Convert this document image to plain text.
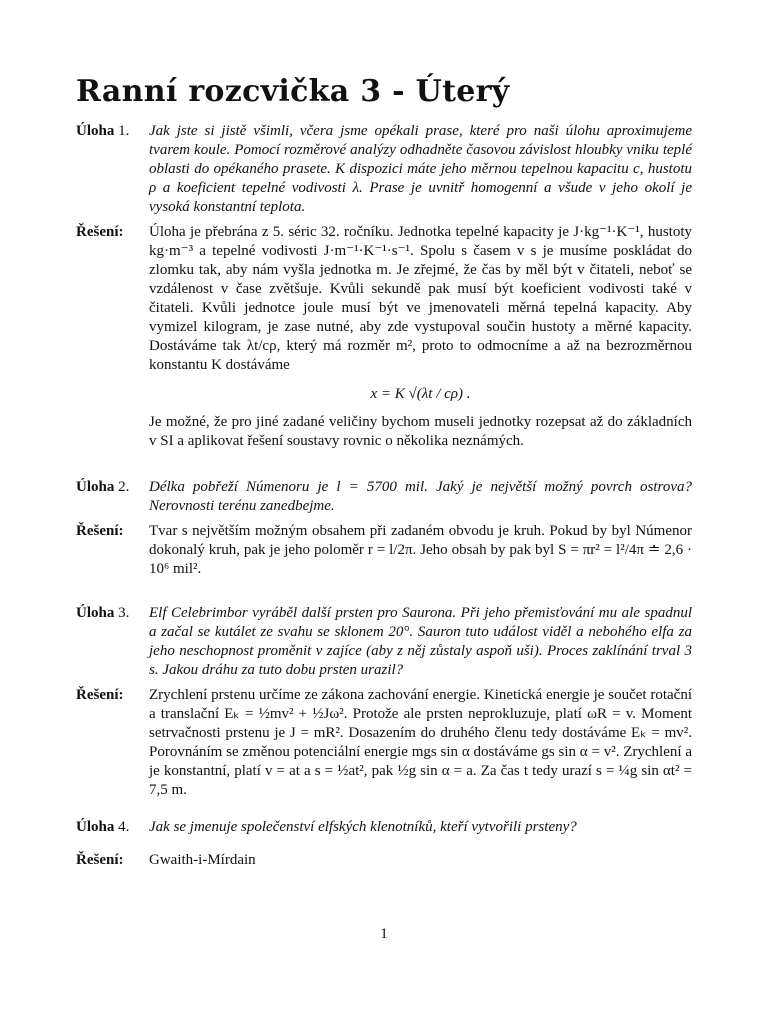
Ranní rozcvička 3 - Úterý
Úloha 1.	Jak jste si jistě všimli, včera jsme opékali prase, které pro naši úlohu aproximujeme tvarem koule. Pomocí rozměrové analýzy odhadněte časovou závislost hloubky vniku teplé oblasti do opékaného prasete. K dispozici máte jeho měrnou tepelnou kapacitu c, hustotu ρ a koeficient tepelné vodivosti λ. Prase je uvnitř homogenní a všude v jeho okolí je vysoká konstantní teplota.
Řešení:	Úloha je přebrána z 5. séric 32. ročníku. Jednotka tepelné kapacity je J·kg⁻¹·K⁻¹, hustoty kg·m⁻³ a tepelné vodivosti J·m⁻¹·K⁻¹·s⁻¹. Spolu s časem v s je musíme poskládat do zlomku tak, aby nám vyšla jednotka m. Je zřejmé, že čas by měl být v čitateli, neboť se vzdálenost v čase zvětšuje. Kvůli sekundě pak musí být koeficient vodivosti také v čitateli. Kvůli jednotce joule musí být ve jmenovateli měrná tepelná kapacity. Aby vymizel kilogram, je zase nutné, aby zde vystupoval součin hustoty a měrné kapacity. Dostáváme tak λt/cρ, který má rozměr m², proto to odmocníme a až na bezrozměrnou konstantu K dostáváme

x = K √(λt / cρ) .

Je možné, že pro jiné zadané veličiny bychom museli jednotky rozepsat až do základních v SI a aplikovat řešení soustavy rovnic o několika neznámých.

Úloha 2.	Délka pobřeží Númenoru je l = 5700 mil. Jaký je největší možný povrch ostrova? Nerovnosti terénu zanedbejme.
Řešení:	Tvar s největším možným obsahem při zadaném obvodu je kruh. Pokud by byl Númenor dokonalý kruh, pak je jeho poloměr r = l/2π. Jeho obsah by pak byl S = πr² = l²/4π ≐ 2,6 · 10⁶ mil².
Úloha 3.	Elf Celebrimbor vyráběl další prsten pro Saurona. Při jeho přemisťování mu ale spadnul a začal se kutálet ze svahu se sklonem 20°. Sauron tuto událost viděl a nebohého elfa za jeho neschopnost proměnit v zajíce (aby z něj zůstaly aspoň uši). Proces zaklínání trval 3 s. Jakou dráhu za tuto dobu prsten urazil?
Řešení:	Zrychlení prstenu určíme ze zákona zachování energie. Kinetická energie je součet rotační a translační Eₖ = ½mv² + ½Jω². Protože ale prsten neprokluzuje, platí ωR = v. Moment setrvačnosti prstenu je J = mR². Dosazením do druhého členu tedy dostáváme Eₖ = mv². Porovnáním se změnou potenciální energie mgs sin α dostáváme gs sin α = v². Zrychlení a je konstantní, platí v = at a s = ½at², pak ½g sin α = a. Za čas t tedy urazí s = ¼g sin αt² = 7,5 m.
Úloha 4.	Jak se jmenuje společenství elfských klenotníků, kteří vytvořili prsteny?
Řešení:	Gwaith-i-Mírdain
1
